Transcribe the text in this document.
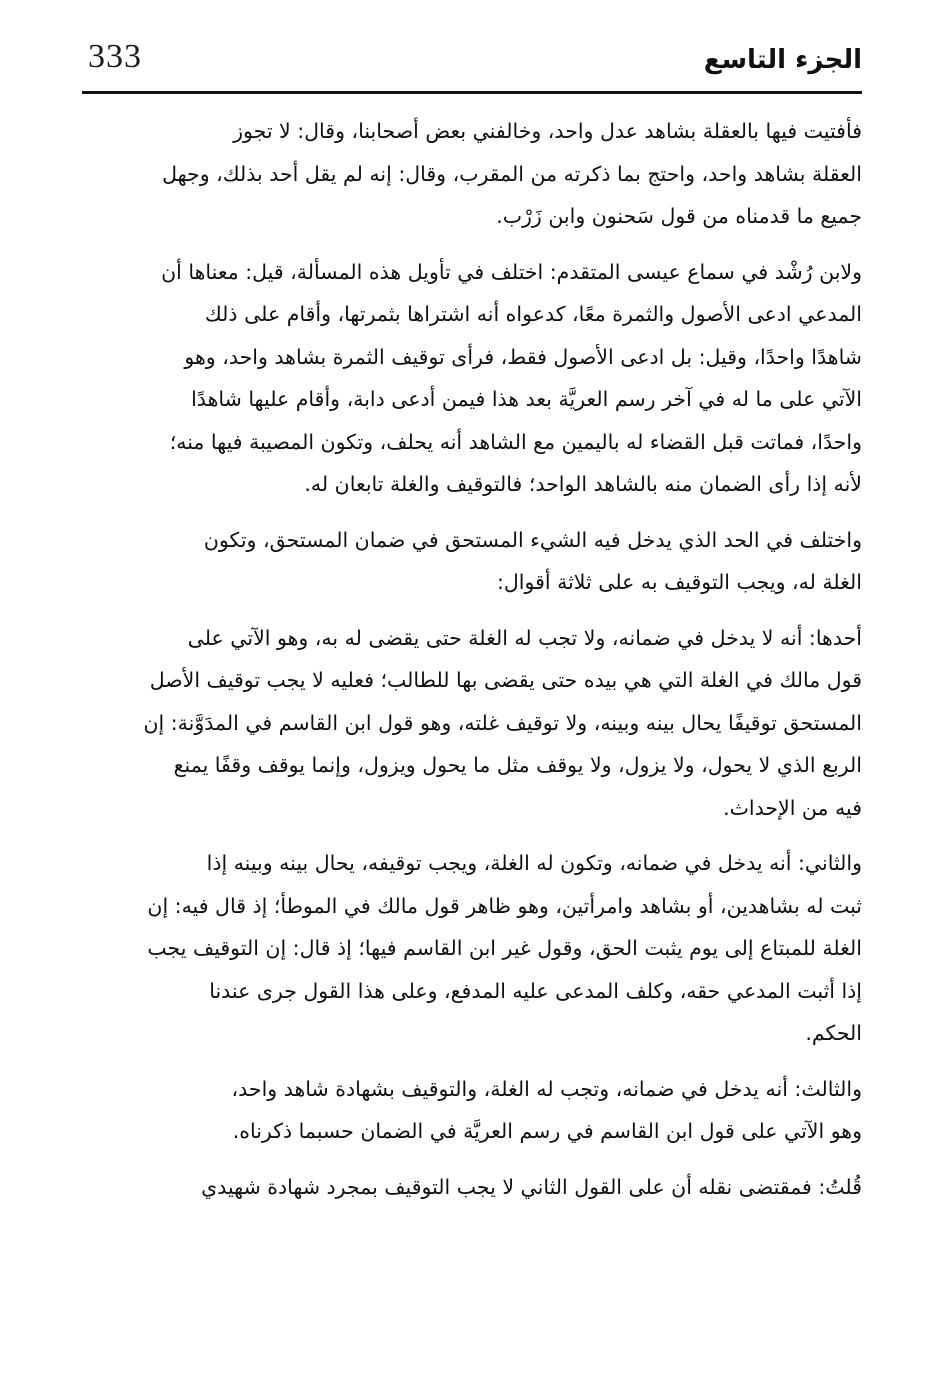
333	الجزء التاسع
فأفتيت فيها بالعقلة بشاهد عدل واحد، وخالفني بعض أصحابنا، وقال: لا تجوز
العقلة بشاهد واحد، واحتج بما ذكرته من المقرب، وقال: إنه لم يقل أحد بذلك، وجهل
جميع ما قدمناه من قول سَحنون وابن زَرْب.
ولابن رُشْد في سماع عيسى المتقدم: اختلف في تأويل هذه المسألة، قيل: معناها أن
المدعي ادعى الأصول والثمرة معًا، كدعواه أنه اشتراها بثمرتها، وأقام على ذلك
شاهدًا واحدًا، وقيل: بل ادعى الأصول فقط، فرأى توقيف الثمرة بشاهد واحد، وهو
الآتي على ما له في آخر رسم العريَّة بعد هذا فيمن أدعى دابة، وأقام عليها شاهدًا
واحدًا، فماتت قبل القضاء له باليمين مع الشاهد أنه يحلف، وتكون المصيبة فيها منه؛
لأنه إذا رأى الضمان منه بالشاهد الواحد؛ فالتوقيف والغلة تابعان له.
واختلف في الحد الذي يدخل فيه الشيء المستحق في ضمان المستحق، وتكون
الغلة له، ويجب التوقيف به على ثلاثة أقوال:
أحدها: أنه لا يدخل في ضمانه، ولا تجب له الغلة حتى يقضى له به، وهو الآتي على
قول مالك في الغلة التي هي بيده حتى يقضى بها للطالب؛ فعليه لا يجب توقيف الأصل
المستحق توقيفًا يحال بينه وبينه، ولا توقيف غلته، وهو قول ابن القاسم في المدَوَّنة: إن
الربع الذي لا يحول، ولا يزول، ولا يوقف مثل ما يحول ويزول، وإنما يوقف وقفًا يمنع
فيه من الإحداث.
والثاني: أنه يدخل في ضمانه، وتكون له الغلة، ويجب توقيفه، يحال بينه وبينه إذا
ثبت له بشاهدين، أو بشاهد وامرأتين، وهو ظاهر قول مالك في الموطأ؛ إذ قال فيه: إن
الغلة للمبتاع إلى يوم يثبت الحق، وقول غير ابن القاسم فيها؛ إذ قال: إن التوقيف يجب
إذا أثبت المدعي حقه، وكلف المدعى عليه المدفع، وعلى هذا القول جرى عندنا
الحكم.
والثالث: أنه يدخل في ضمانه، وتجب له الغلة، والتوقيف بشهادة شاهد واحد،
وهو الآتي على قول ابن القاسم في رسم العريَّة في الضمان حسبما ذكرناه.
قُلتُ: فمقتضى نقله أن على القول الثاني لا يجب التوقيف بمجرد شهادة شهيدي
